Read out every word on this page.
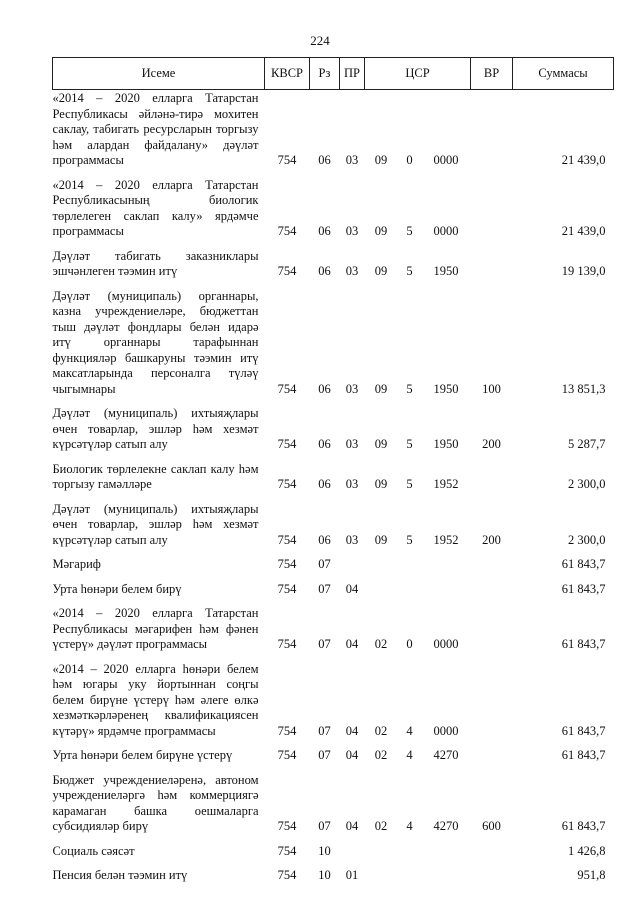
224
Исеме	КВСР	Рз	ПР	ЦСР			ВР	Суммасы
«2014 – 2020 елларга Татарстан Республикасы әйләнә-тирә мохитен саклау, табигать ресурсларын торгызу һәм алардан файдалану» дәүләт программасы	754	06	03	09	0	0000		21 439,0
«2014 – 2020 елларга Татарстан Республикасының биологик төрлелеген саклап калу» ярдәмче программасы	754	06	03	09	5	0000		21 439,0
Дәүләт табигать заказниклары эшчәнлеген тәэмин итү	754	06	03	09	5	1950		19 139,0
Дәүләт (муниципаль) органнары, казна учреждениеләре, бюджеттан тыш дәүләт фондлары белән идарә итү органнары тарафыннан функцияләр башкаруны тәэмин итү максатларында персоналга түләү чыгымнары	754	06	03	09	5	1950	100	13 851,3
Дәүләт (муниципаль) ихтыяҗлары өчен товарлар, эшләр һәм хезмәт күрсәтүләр сатып алу	754	06	03	09	5	1950	200	5 287,7
Биологик төрлелекне саклап калу һәм торгызу гамәлләре	754	06	03	09	5	1952		2 300,0
Дәүләт (муниципаль) ихтыяҗлары өчен товарлар, эшләр һәм хезмәт күрсәтүләр сатып алу	754	06	03	09	5	1952	200	2 300,0
Мәгариф	754	07						61 843,7
Урта һөнәри белем бирү	754	07	04					61 843,7
«2014 – 2020 елларга Татарстан Республикасы мәгарифен һәм фәнен үстерү» дәүләт программасы	754	07	04	02	0	0000		61 843,7
«2014 – 2020 елларга һөнәри белем һәм югары уку йортыннан соңгы белем бирүне үстерү һәм әлеге өлкә хезмәткәрләренең квалификациясен күтәрү» ярдәмче программасы	754	07	04	02	4	0000		61 843,7
Урта һөнәри белем бирүне үстерү	754	07	04	02	4	4270		61 843,7
Бюджет учреждениеләренә, автоном учреждениеләргә һәм коммерциягә карамаган башка оешмаларга субсидияләр бирү	754	07	04	02	4	4270	600	61 843,7
Социаль сәясәт	754	10						1 426,8
Пенсия белән тәэмин итү	754	10	01					951,8
